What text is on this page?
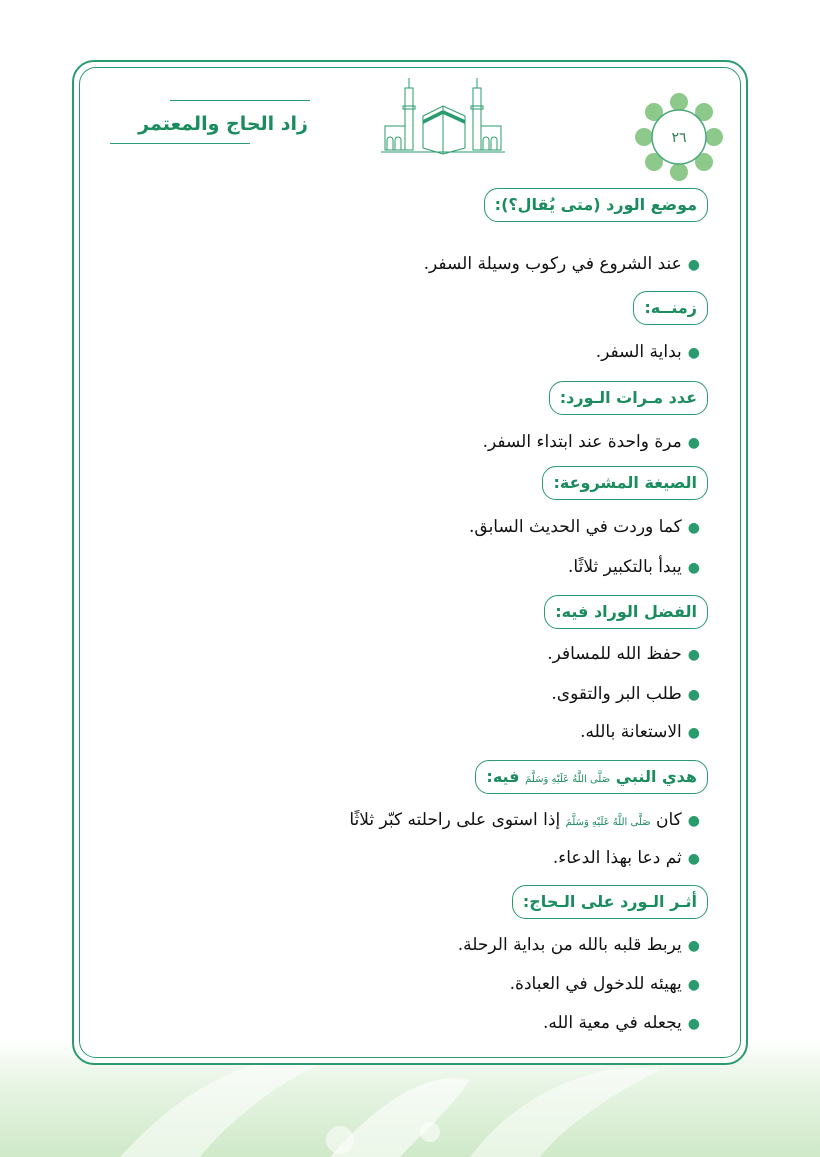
زاد الحاج والمعتمر
٢٦
موضع الورد (متى يُقال؟):
●عند الشروع في ركوب وسيلة السفر.
زمنــه:
●بداية السفر.
عدد مـرات الـورد:
●مرة واحدة عند ابتداء السفر.
الصيغة المشروعة:
●كما وردت في الحديث السابق.
●يبدأ بالتكبير ثلاثًا.
الفضل الوراد فيه:
●حفظ الله للمسافر.
●طلب البر والتقوى.
●الاستعانة بالله.
هدي النبي صَلَّى اللَّهُ عَلَيْهِ وَسَلَّمَ فيه:
●كان صَلَّى اللَّهُ عَلَيْهِ وَسَلَّمَ إذا استوى على راحلته كبّر ثلاثًا
●ثم دعا بهذا الدعاء.
أثـر الـورد على الـحاج:
●يربط قلبه بالله من بداية الرحلة.
●يهيئه للدخول في العبادة.
●يجعله في معية الله.
